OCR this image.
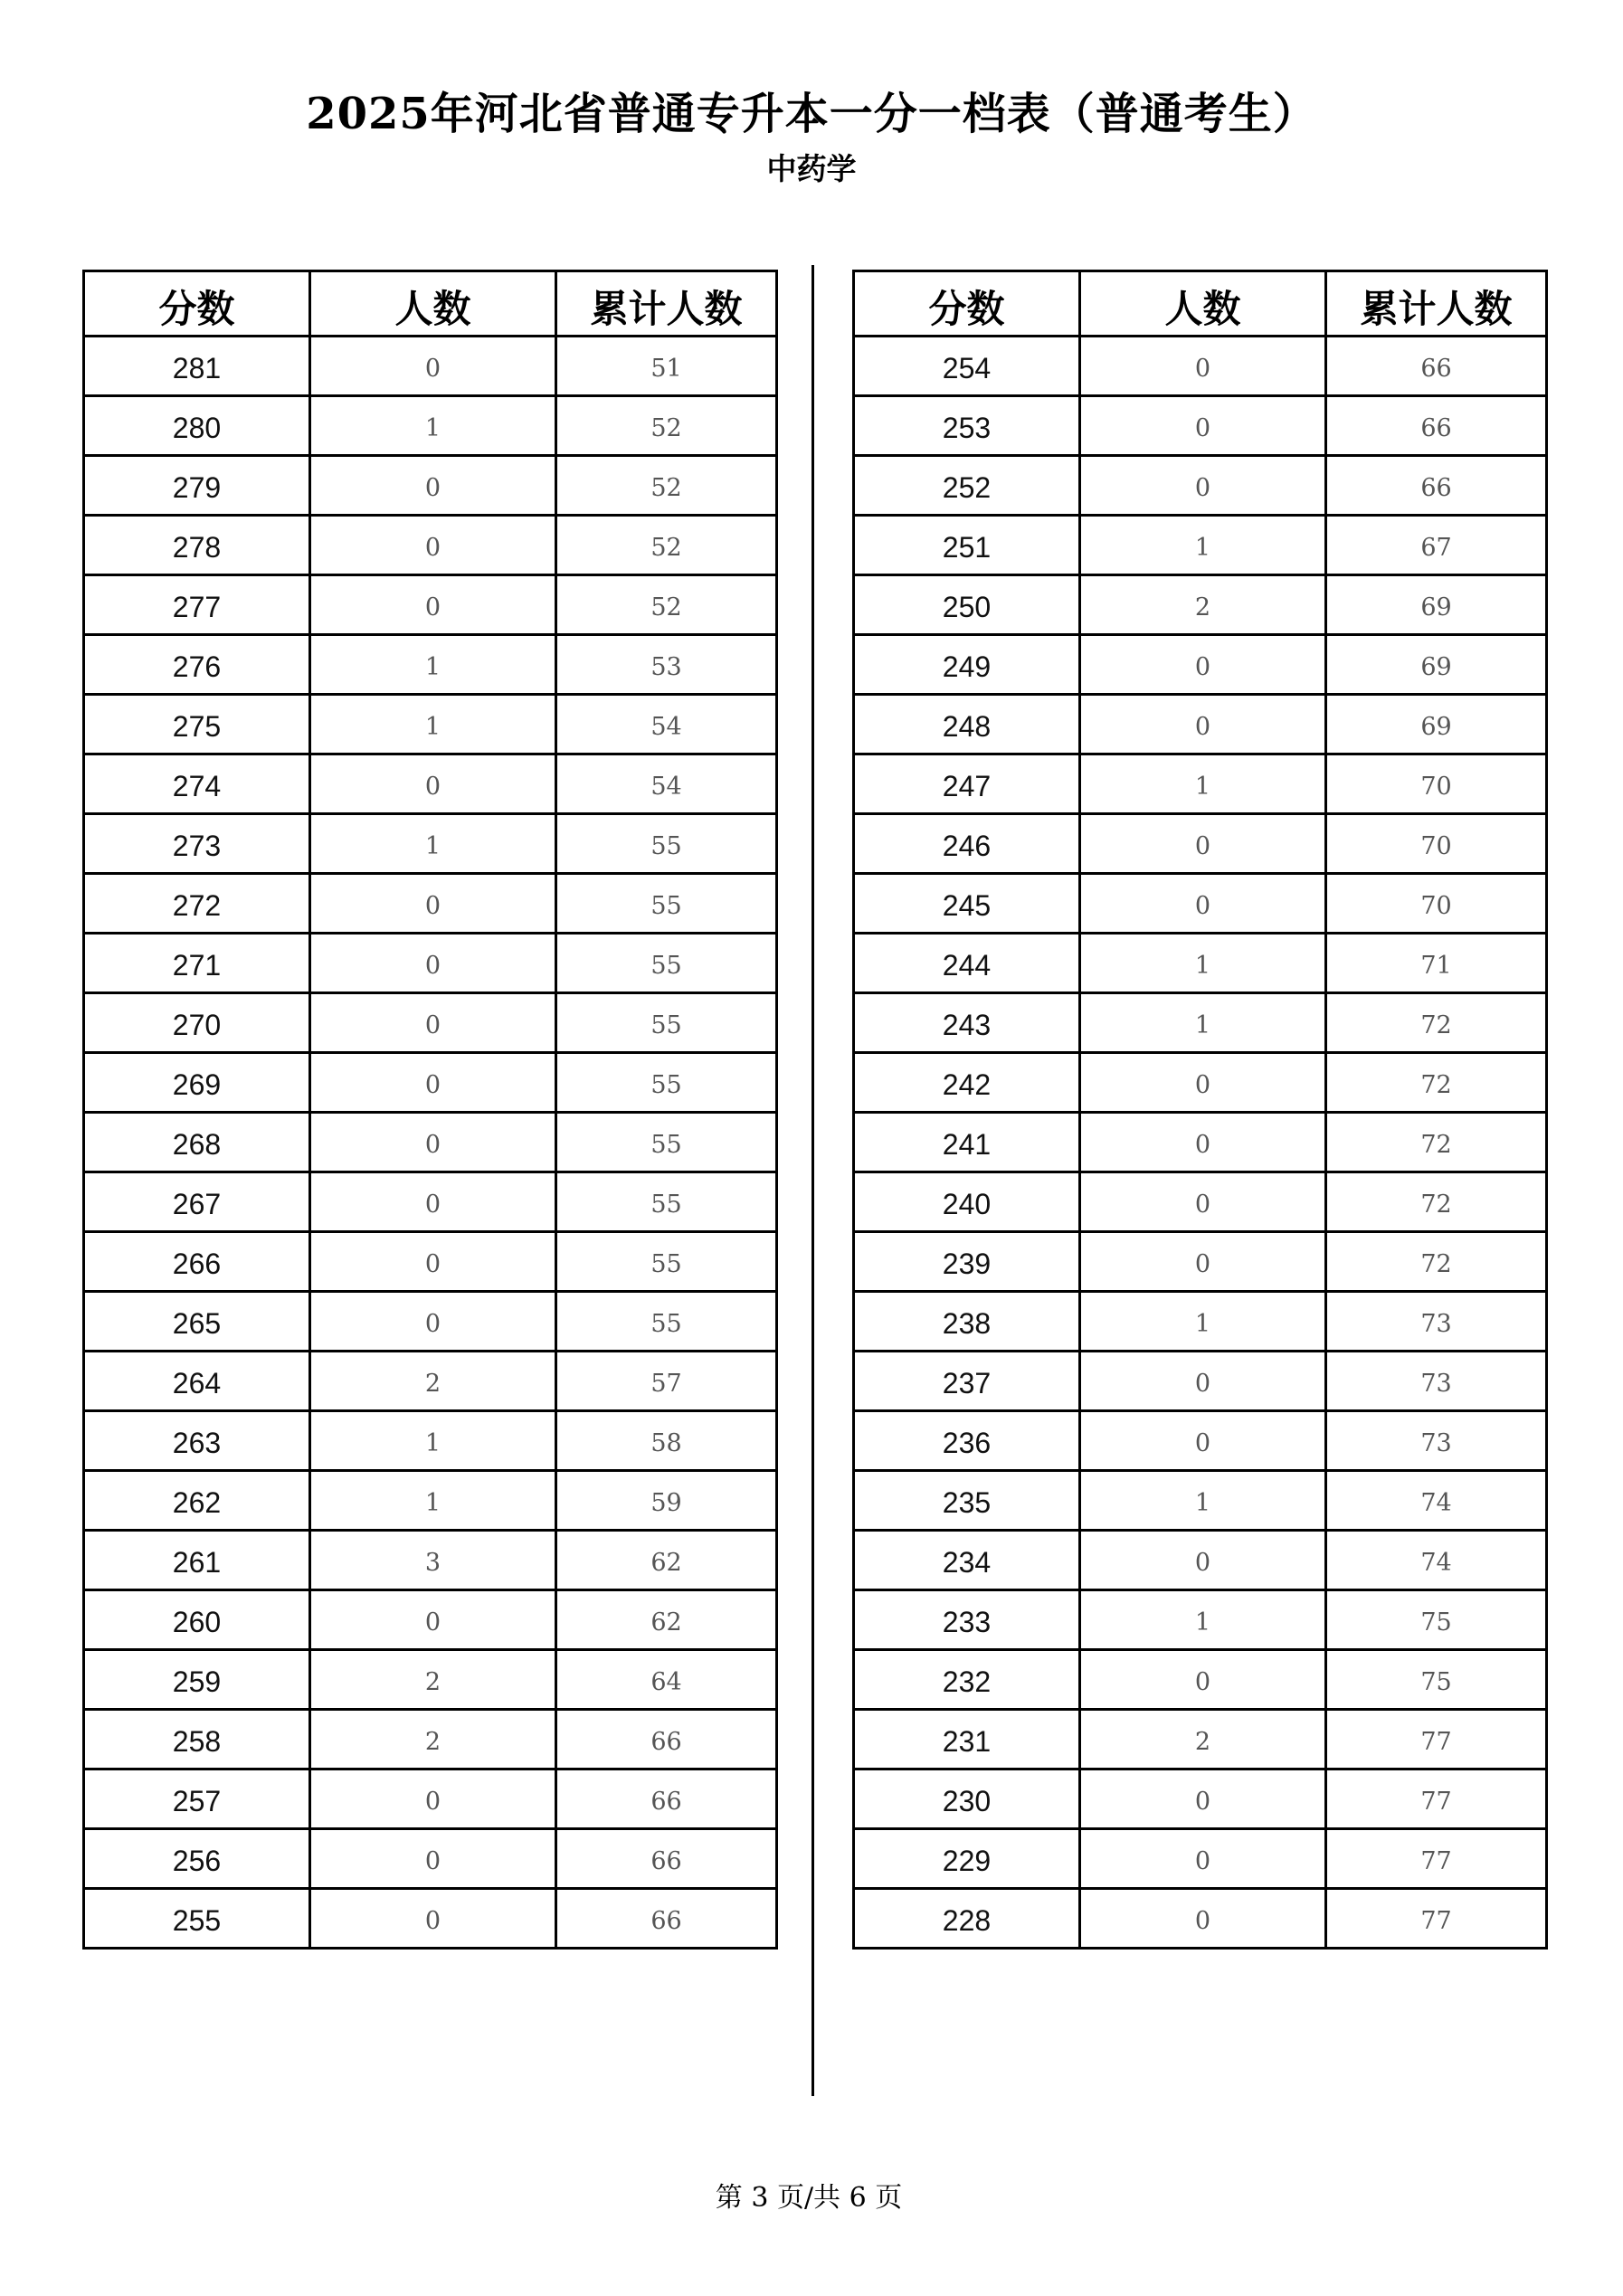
2025年河北省普通专升本一分一档表（普通考生）
中药学
分数	人数	累计人数
281	0	51
280	1	52
279	0	52
278	0	52
277	0	52
276	1	53
275	1	54
274	0	54
273	1	55
272	0	55
271	0	55
270	0	55
269	0	55
268	0	55
267	0	55
266	0	55
265	0	55
264	2	57
263	1	58
262	1	59
261	3	62
260	0	62
259	2	64
258	2	66
257	0	66
256	0	66
255	0	66
分数	人数	累计人数
254	0	66
253	0	66
252	0	66
251	1	67
250	2	69
249	0	69
248	0	69
247	1	70
246	0	70
245	0	70
244	1	71
243	1	72
242	0	72
241	0	72
240	0	72
239	0	72
238	1	73
237	0	73
236	0	73
235	1	74
234	0	74
233	1	75
232	0	75
231	2	77
230	0	77
229	0	77
228	0	77
第 3 页/共 6 页
